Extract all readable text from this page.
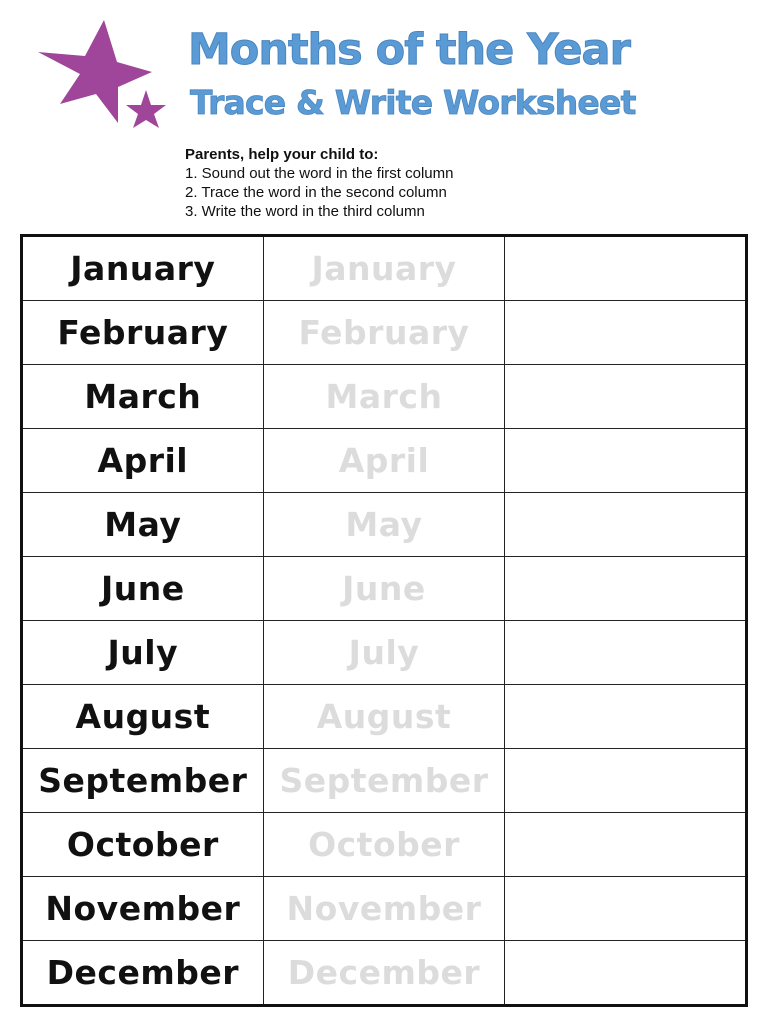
Months of the Year
Trace & Write Worksheet
Parents, help your child to:
1. Sound out the word in the first column
2. Trace the word in the second column
3. Write the word in the third column
January	January	
February	February	
March	March	
April	April	
May	May	
June	June	
July	July	
August	August	
September	September	
October	October	
November	November	
December	December	
